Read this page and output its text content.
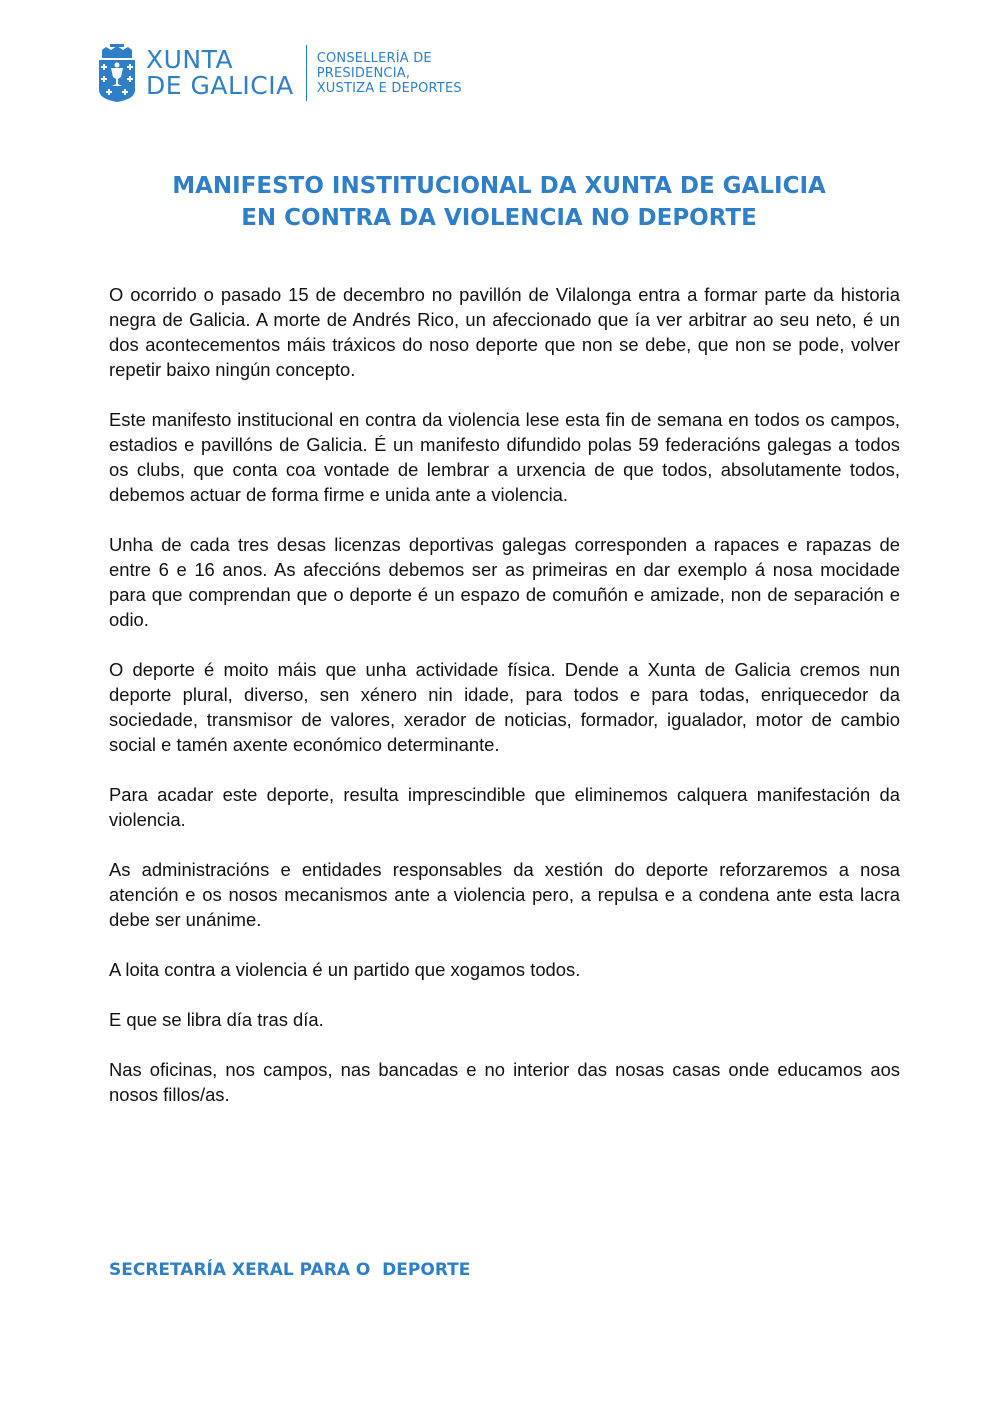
XUNTA
DE GALICIA
CONSELLERÍA DE
PRESIDENCIA,
XUSTIZA E DEPORTES
MANIFESTO INSTITUCIONAL DA XUNTA DE GALICIA
EN CONTRA DA VIOLENCIA NO DEPORTE

O ocorrido o pasado 15 de decembro no pavillón de Vilalonga entra a formar parte da historia negra de Galicia. A morte de Andrés Rico, un afeccionado que ía ver arbitrar ao seu neto, é un dos acontecementos máis tráxicos do noso deporte que non se debe, que non se pode, volver repetir baixo ningún concepto.

Este manifesto institucional en contra da violencia lese esta fin de semana en todos os campos, estadios e pavillóns de Galicia. É un manifesto difundido polas 59 federacións galegas a todos os clubs, que conta coa vontade de lembrar a urxencia de que todos, absolutamente todos, debemos actuar de forma firme e unida ante a violencia.

Unha de cada tres desas licenzas deportivas galegas corresponden a rapaces e rapazas de entre 6 e 16 anos. As afeccións debemos ser as primeiras en dar exemplo á nosa mocidade para que comprendan que o deporte é un espazo de comuñón e amizade, non de separación e odio.

O deporte é moito máis que unha actividade física. Dende a Xunta de Galicia cremos nun deporte plural, diverso, sen xénero nin idade, para todos e para todas, enriquecedor da sociedade, transmisor de valores, xerador de noticias, formador, igualador, motor de cambio social e tamén axente económico determinante.

Para acadar este deporte, resulta imprescindible que eliminemos calquera manifestación da violencia.

As administracións e entidades responsables da xestión do deporte reforzaremos a nosa atención e os nosos mecanismos ante a violencia pero, a repulsa e a condena ante esta lacra debe ser unánime.

A loita contra a violencia é un partido que xogamos todos.

E que se libra día tras día.

Nas oficinas, nos campos, nas bancadas e no interior das nosas casas onde educamos aos nosos fillos/as.

SECRETARÍA XERAL PARA O  DEPORTE
